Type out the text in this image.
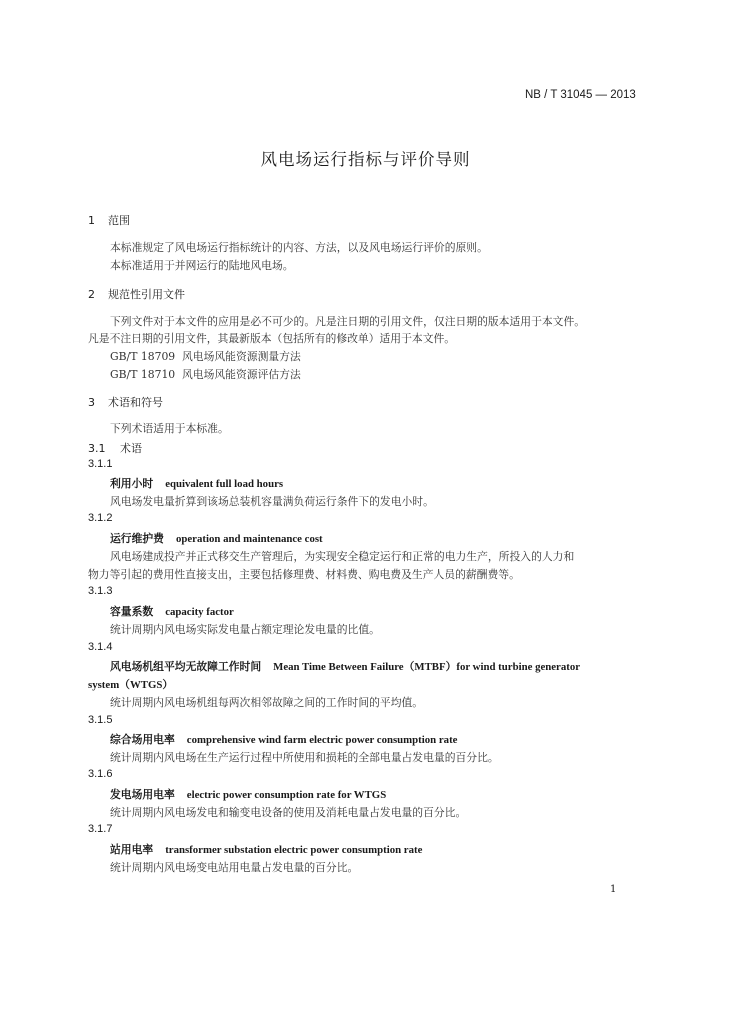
NB / T 31045 — 2013
风电场运行指标与评价导则
1 范围
本标准规定了风电场运行指标统计的内容、方法，以及风电场运行评价的原则。
本标准适用于并网运行的陆地风电场。
2 规范性引用文件
下列文件对于本文件的应用是必不可少的。凡是注日期的引用文件，仅注日期的版本适用于本文件。
凡是不注日期的引用文件，其最新版本（包括所有的修改单）适用于本文件。
GB/T 18709 风电场风能资源测量方法
GB/T 18710 风电场风能资源评估方法
3 术语和符号
下列术语适用于本标准。
3.1 术语
3.1.1
利用小时 equivalent full load hours
风电场发电量折算到该场总装机容量满负荷运行条件下的发电小时。
3.1.2
运行维护费 operation and maintenance cost
风电场建成投产并正式移交生产管理后，为实现安全稳定运行和正常的电力生产，所投入的人力和
物力等引起的费用性直接支出，主要包括修理费、材料费、购电费及生产人员的薪酬费等。
3.1.3
容量系数 capacity factor
统计周期内风电场实际发电量占额定理论发电量的比值。
3.1.4
风电场机组平均无故障工作时间 Mean Time Between Failure（MTBF）for wind turbine generator
system（WTGS）
统计周期内风电场机组每两次相邻故障之间的工作时间的平均值。
3.1.5
综合场用电率 comprehensive wind farm electric power consumption rate
统计周期内风电场在生产运行过程中所使用和损耗的全部电量占发电量的百分比。
3.1.6
发电场用电率 electric power consumption rate for WTGS
统计周期内风电场发电和输变电设备的使用及消耗电量占发电量的百分比。
3.1.7
站用电率 transformer substation electric power consumption rate
统计周期内风电场变电站用电量占发电量的百分比。
1
